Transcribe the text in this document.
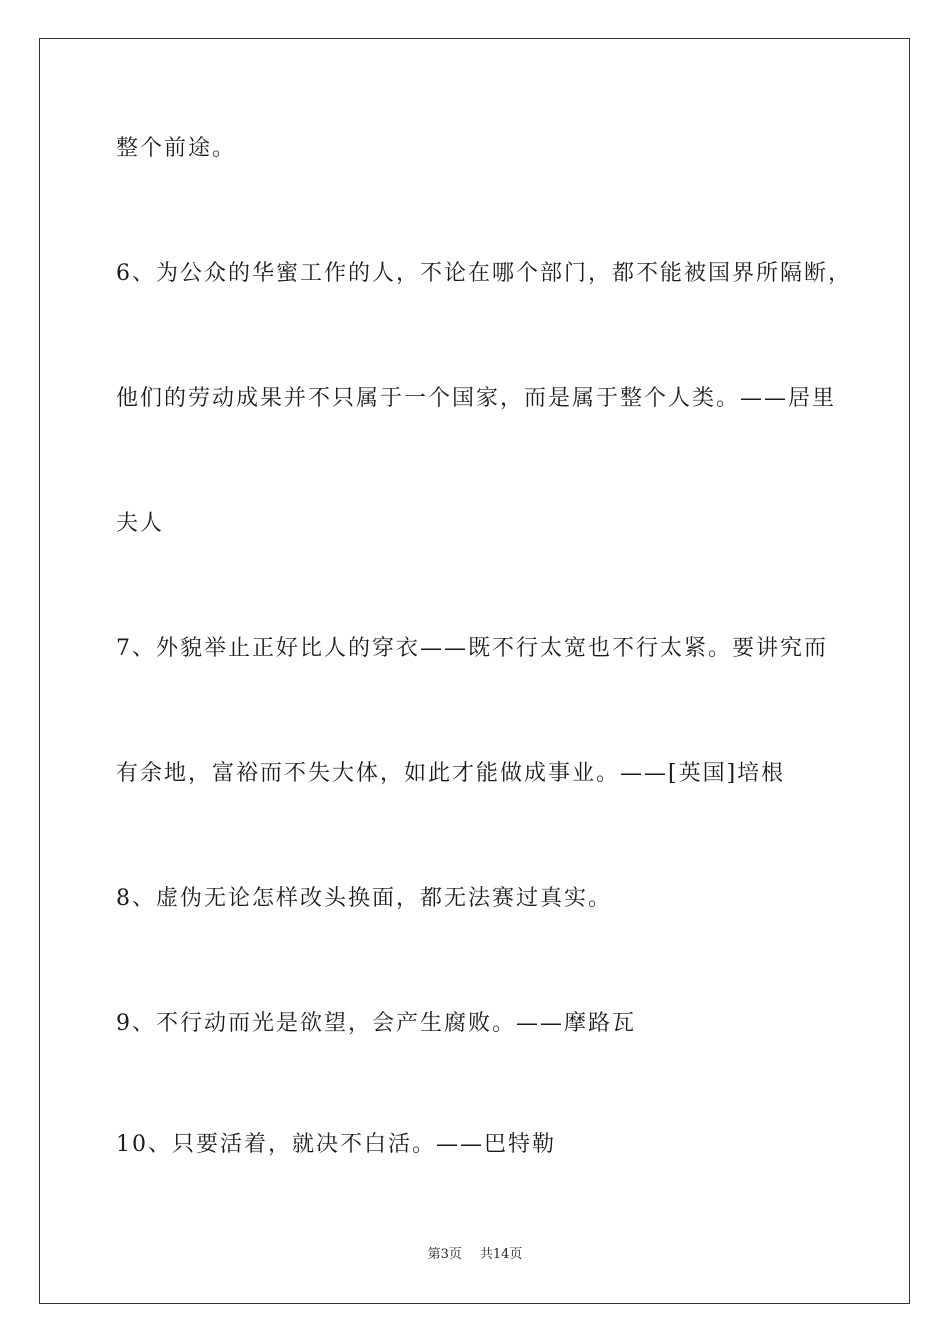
整个前途。
6、为公众的华蜜工作的人，不论在哪个部门，都不能被国界所隔断，
他们的劳动成果并不只属于一个国家，而是属于整个人类。——居里
夫人
7、外貌举止正好比人的穿衣——既不行太宽也不行太紧。要讲究而
有余地，富裕而不失大体，如此才能做成事业。——[英国]培根
8、虚伪无论怎样改头换面，都无法赛过真实。
9、不行动而光是欲望，会产生腐败。——摩路瓦
10、只要活着，就决不白活。——巴特勒
第3页 共14页
